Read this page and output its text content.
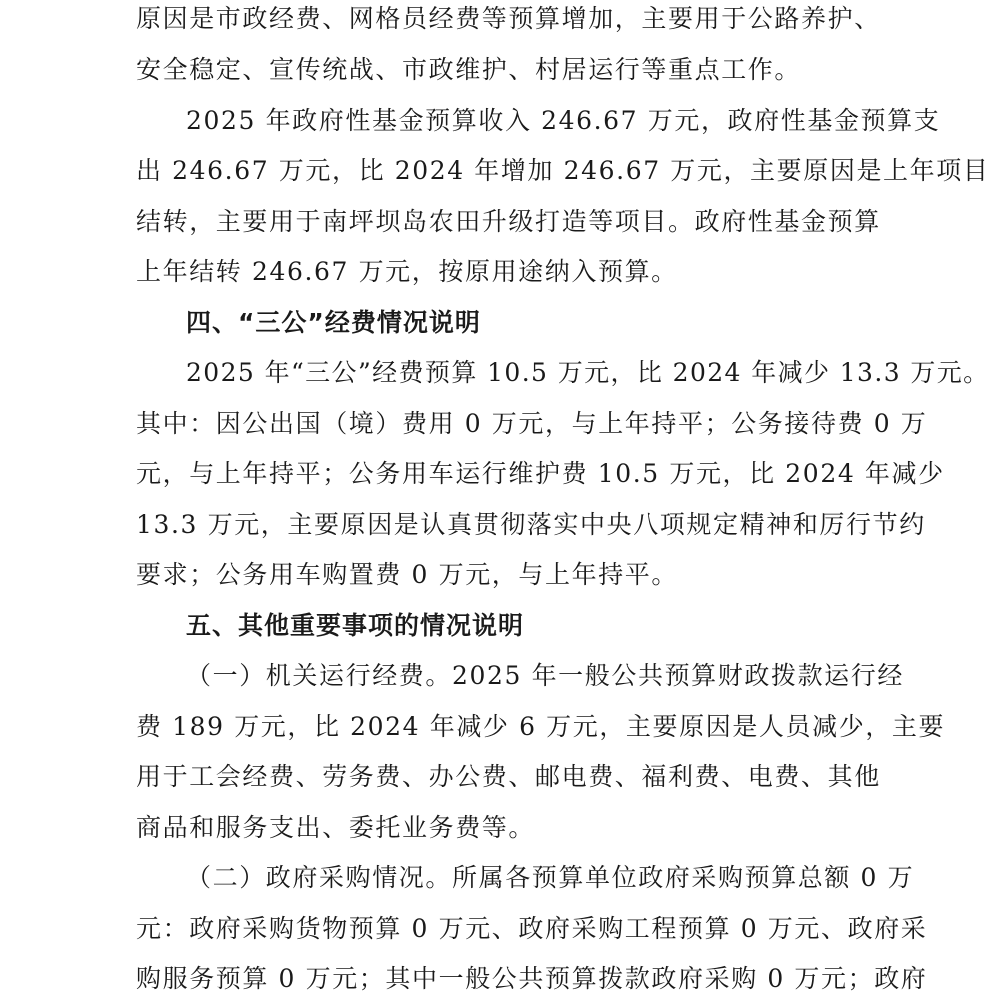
原因是市政经费、网格员经费等预算增加，主要用于公路养护、
安全稳定、宣传统战、市政维护、村居运行等重点工作。
2025 年政府性基金预算收入 246.67 万元，政府性基金预算支
出 246.67 万元，比 2024 年增加 246.67 万元，主要原因是上年项目
结转，主要用于南坪坝岛农田升级打造等项目。政府性基金预算
上年结转 246.67 万元，按原用途纳入预算。
四、“三公”经费情况说明
2025 年“三公”经费预算 10.5 万元，比 2024 年减少 13.3 万元。
其中：因公出国（境）费用 0 万元，与上年持平；公务接待费 0 万
元，与上年持平；公务用车运行维护费 10.5 万元，比 2024 年减少
13.3 万元，主要原因是认真贯彻落实中央八项规定精神和厉行节约
要求；公务用车购置费 0 万元，与上年持平。
五、其他重要事项的情况说明
（一）机关运行经费。2025 年一般公共预算财政拨款运行经
费 189 万元，比 2024 年减少 6 万元，主要原因是人员减少，主要
用于工会经费、劳务费、办公费、邮电费、福利费、电费、其他
商品和服务支出、委托业务费等。
（二）政府采购情况。所属各预算单位政府采购预算总额 0 万
元：政府采购货物预算 0 万元、政府采购工程预算 0 万元、政府采
购服务预算 0 万元；其中一般公共预算拨款政府采购 0 万元；政府
